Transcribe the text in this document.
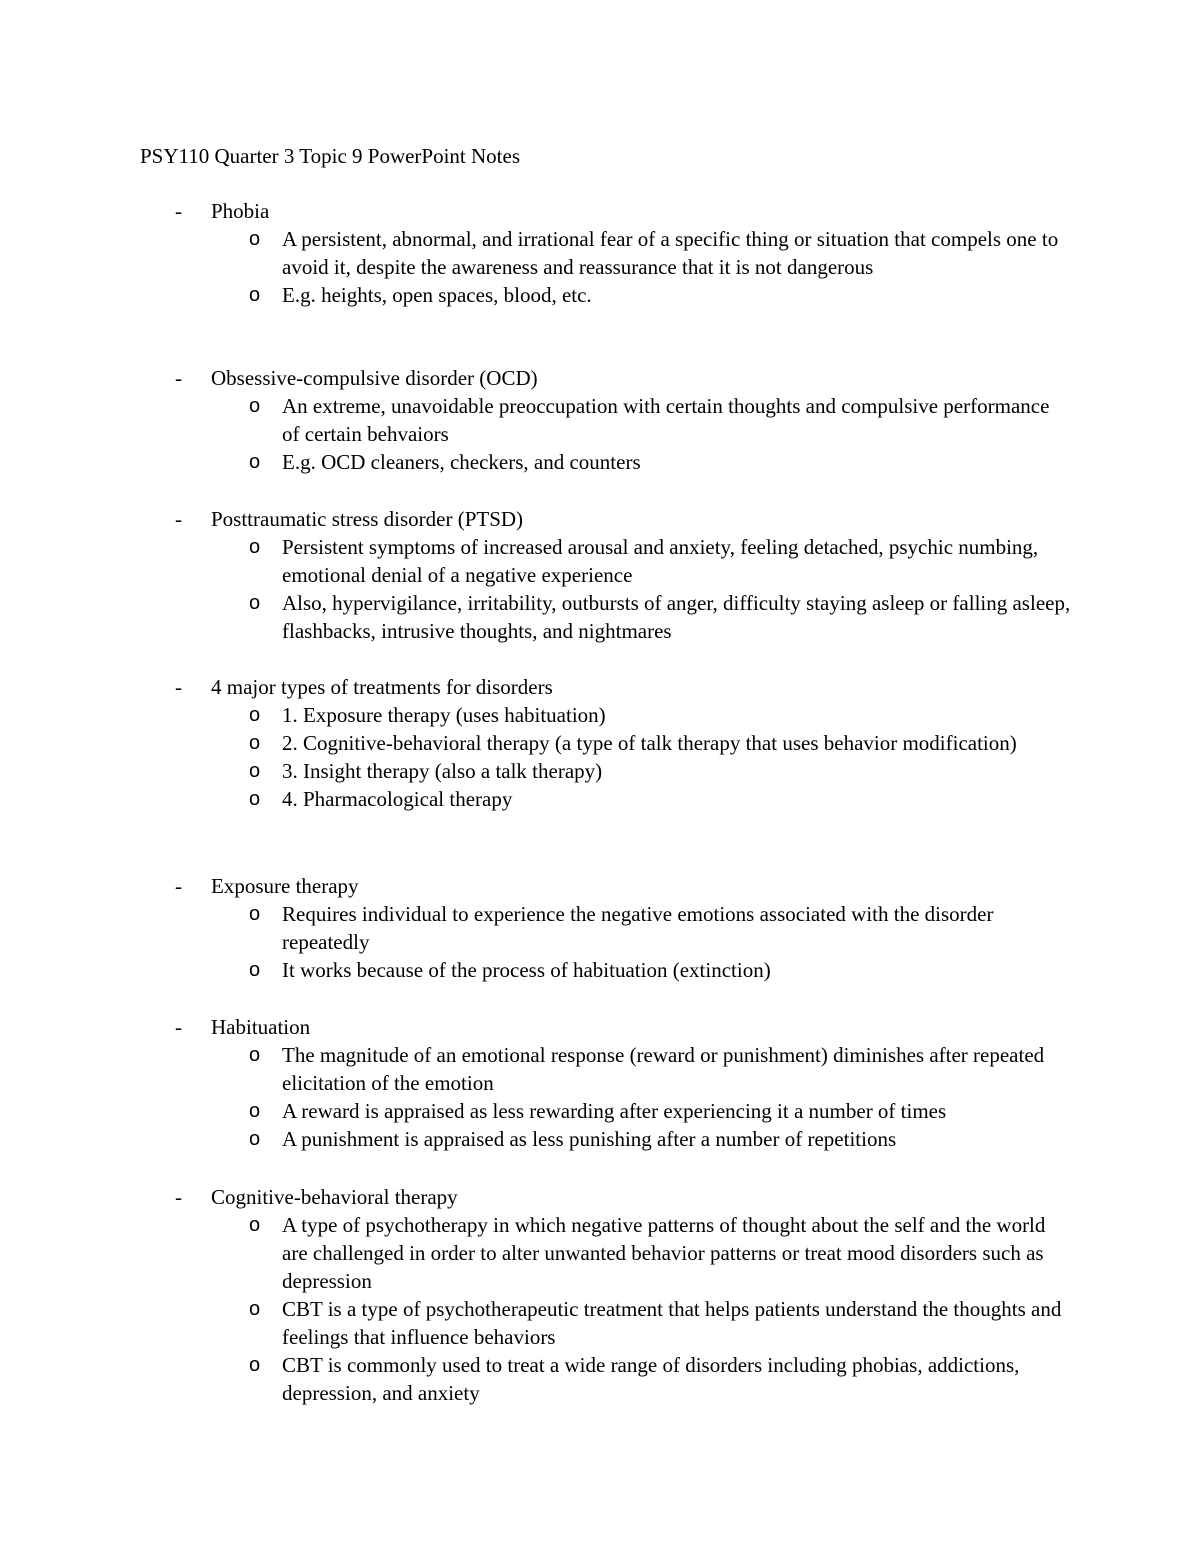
PSY110 Quarter 3 Topic 9 PowerPoint Notes
- Phobia
o A persistent, abnormal, and irrational fear of a specific thing or situation that compels one to avoid it, despite the awareness and reassurance that it is not dangerous
o E.g. heights, open spaces, blood, etc.
- Obsessive-compulsive disorder (OCD)
o An extreme, unavoidable preoccupation with certain thoughts and compulsive performance of certain behvaiors
o E.g. OCD cleaners, checkers, and counters
- Posttraumatic stress disorder (PTSD)
o Persistent symptoms of increased arousal and anxiety, feeling detached, psychic numbing, emotional denial of a negative experience
o Also, hypervigilance, irritability, outbursts of anger, difficulty staying asleep or falling asleep, flashbacks, intrusive thoughts, and nightmares
- 4 major types of treatments for disorders
o 1. Exposure therapy (uses habituation)
o 2. Cognitive-behavioral therapy (a type of talk therapy that uses behavior modification)
o 3. Insight therapy (also a talk therapy)
o 4. Pharmacological therapy
- Exposure therapy
o Requires individual to experience the negative emotions associated with the disorder repeatedly
o It works because of the process of habituation (extinction)
- Habituation
o The magnitude of an emotional response (reward or punishment) diminishes after repeated elicitation of the emotion
o A reward is appraised as less rewarding after experiencing it a number of times
o A punishment is appraised as less punishing after a number of repetitions
- Cognitive-behavioral therapy
o A type of psychotherapy in which negative patterns of thought about the self and the world are challenged in order to alter unwanted behavior patterns or treat mood disorders such as depression
o CBT is a type of psychotherapeutic treatment that helps patients understand the thoughts and feelings that influence behaviors
o CBT is commonly used to treat a wide range of disorders including phobias, addictions, depression, and anxiety
